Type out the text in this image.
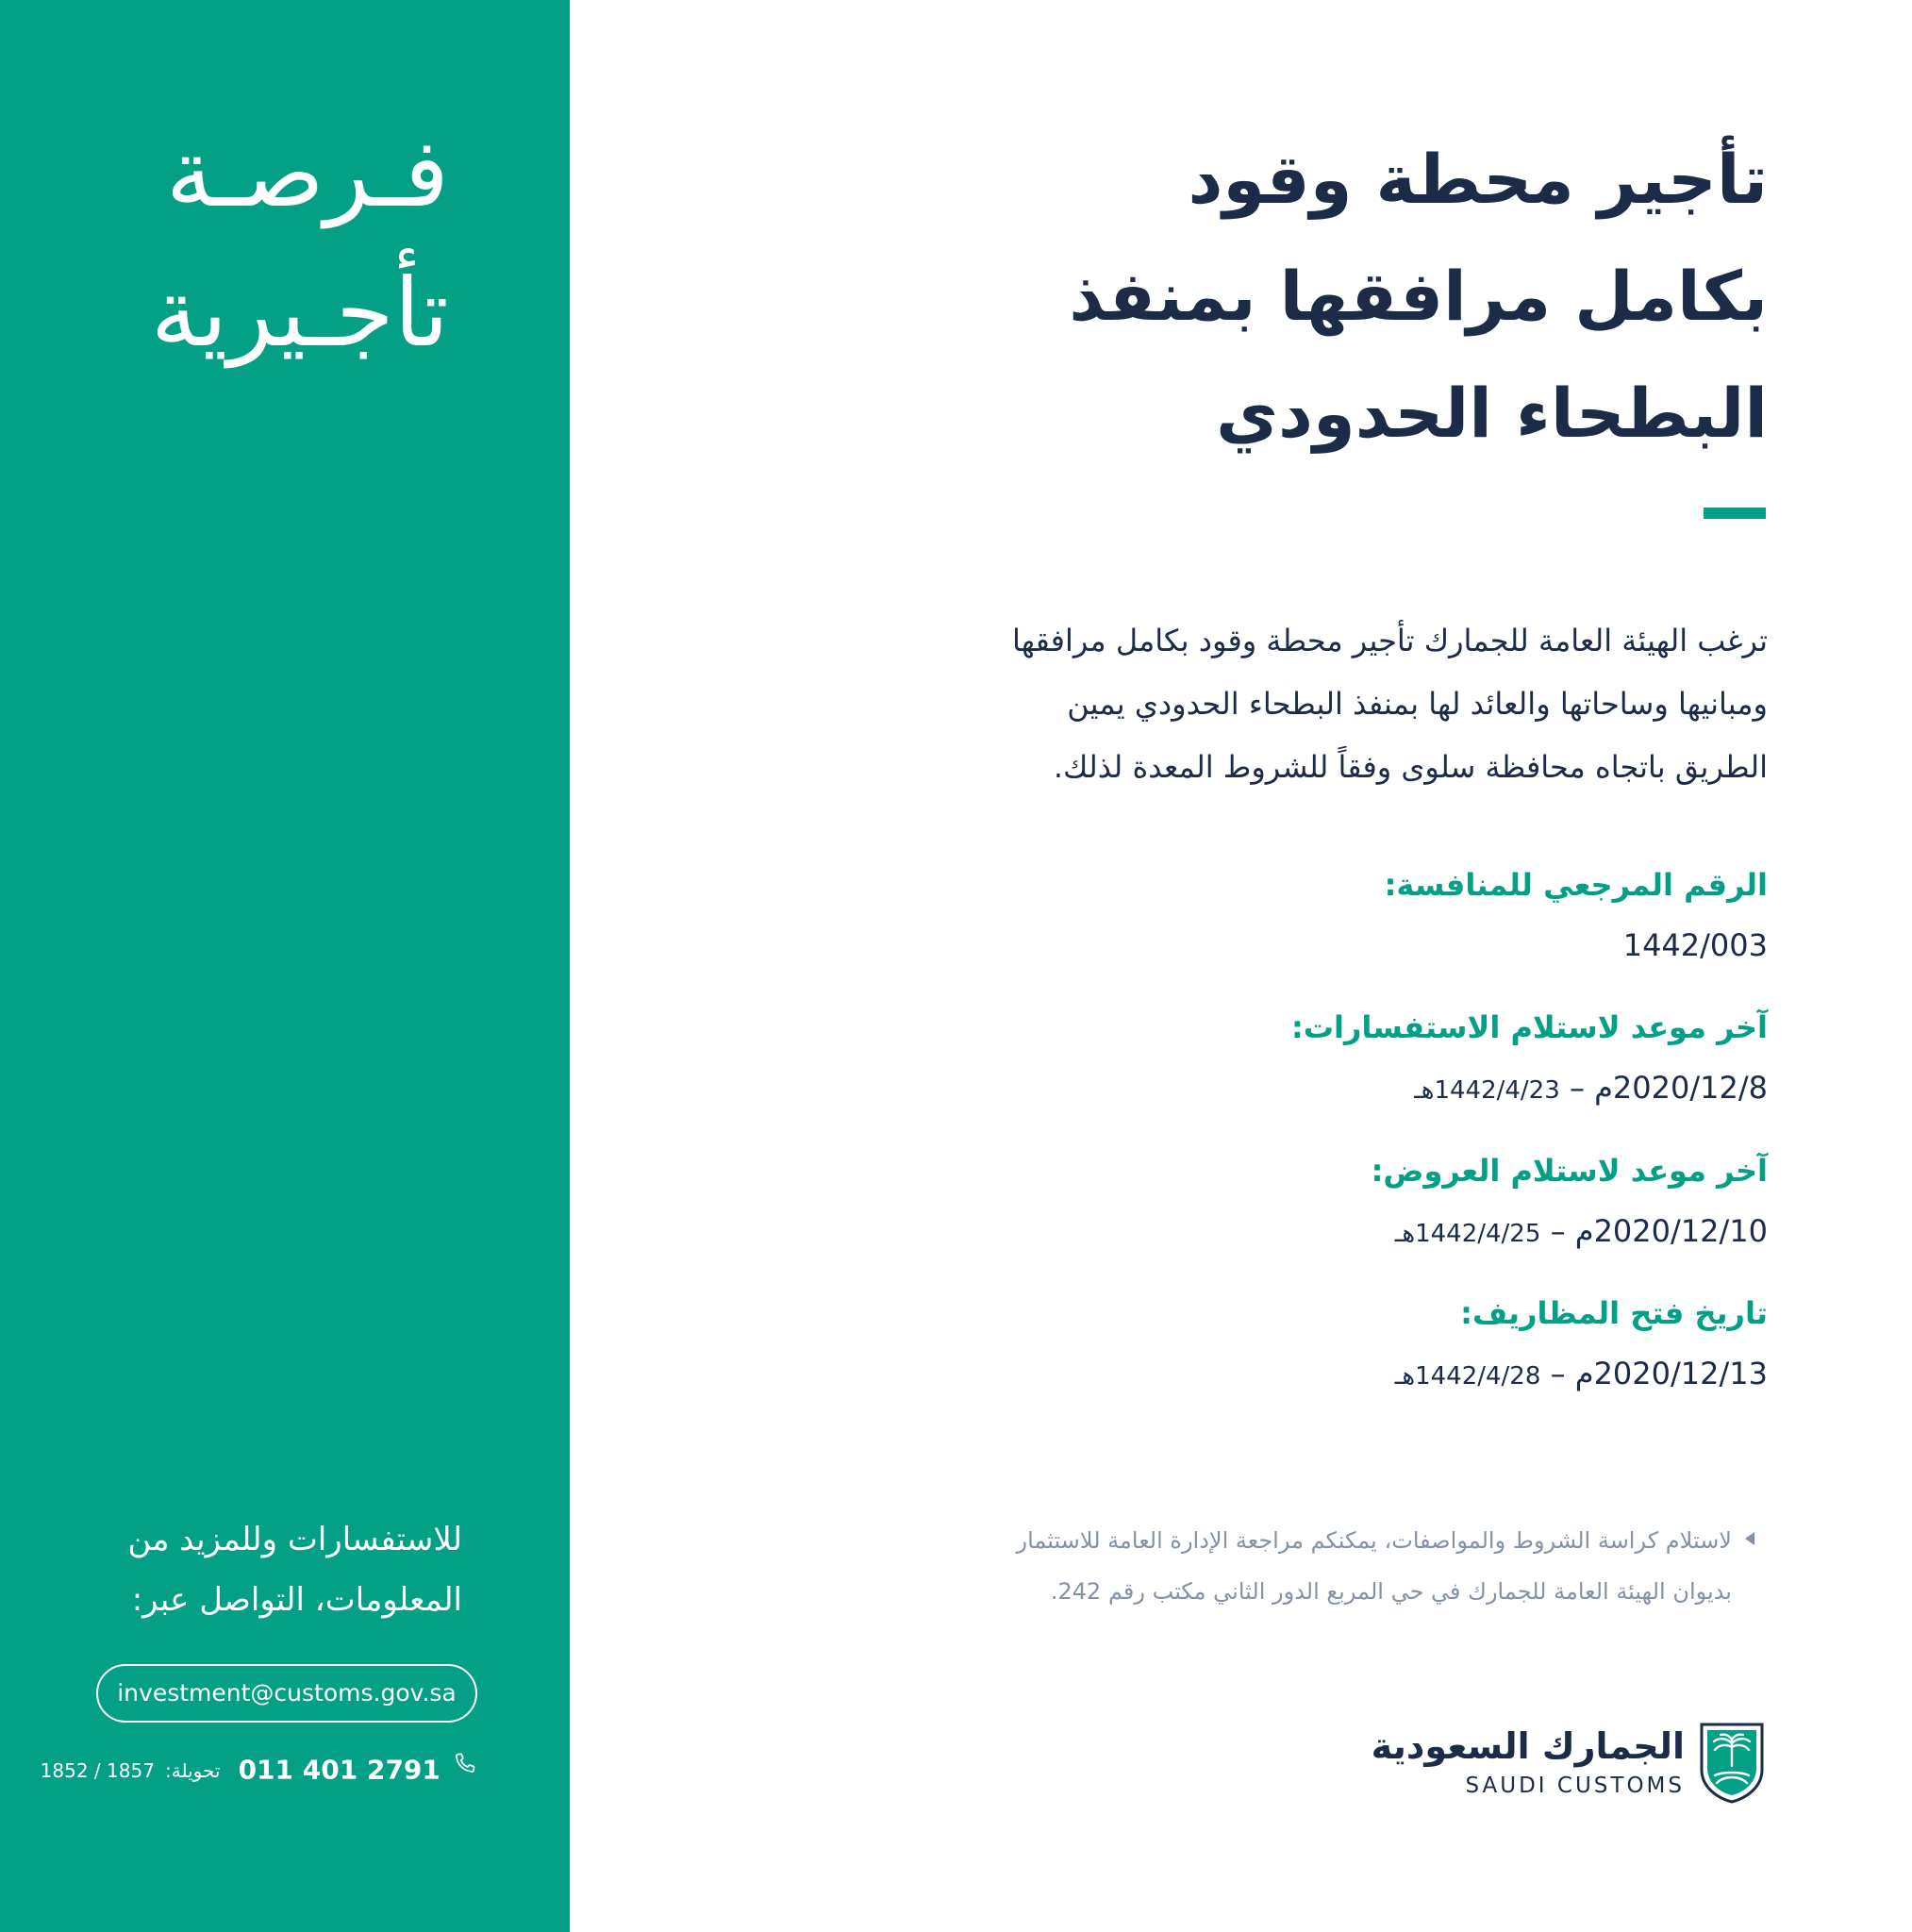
فـرصـة
تأجـيرية
للاستفسارات وللمزيد من
المعلومات، التواصل عبر:
investment@customs.gov.sa
011 401 2791 تحويلة: 1852 / 1857
تأجير محطة وقود
بكامل مرافقها بمنفذ
البطحاء الحدودي
ترغب الهيئة العامة للجمارك تأجير محطة وقود بكامل مرافقها
ومبانيها وساحاتها والعائد لها بمنفذ البطحاء الحدودي يمين
الطريق باتجاه محافظة سلوى وفقاً للشروط المعدة لذلك.
الرقم المرجعي للمنافسة:
1442/003
آخر موعد لاستلام الاستفسارات:
2020/12/8م – 1442/4/23هـ
آخر موعد لاستلام العروض:
2020/12/10م – 1442/4/25هـ
تاريخ فتح المظاريف:
2020/12/13م – 1442/4/28هـ
لاستلام كراسة الشروط والمواصفات، يمكنكم مراجعة الإدارة العامة للاستثمار
بديوان الهيئة العامة للجمارك في حي المربع الدور الثاني مكتب رقم 242.
الجمارك السعودية
SAUDI CUSTOMS
